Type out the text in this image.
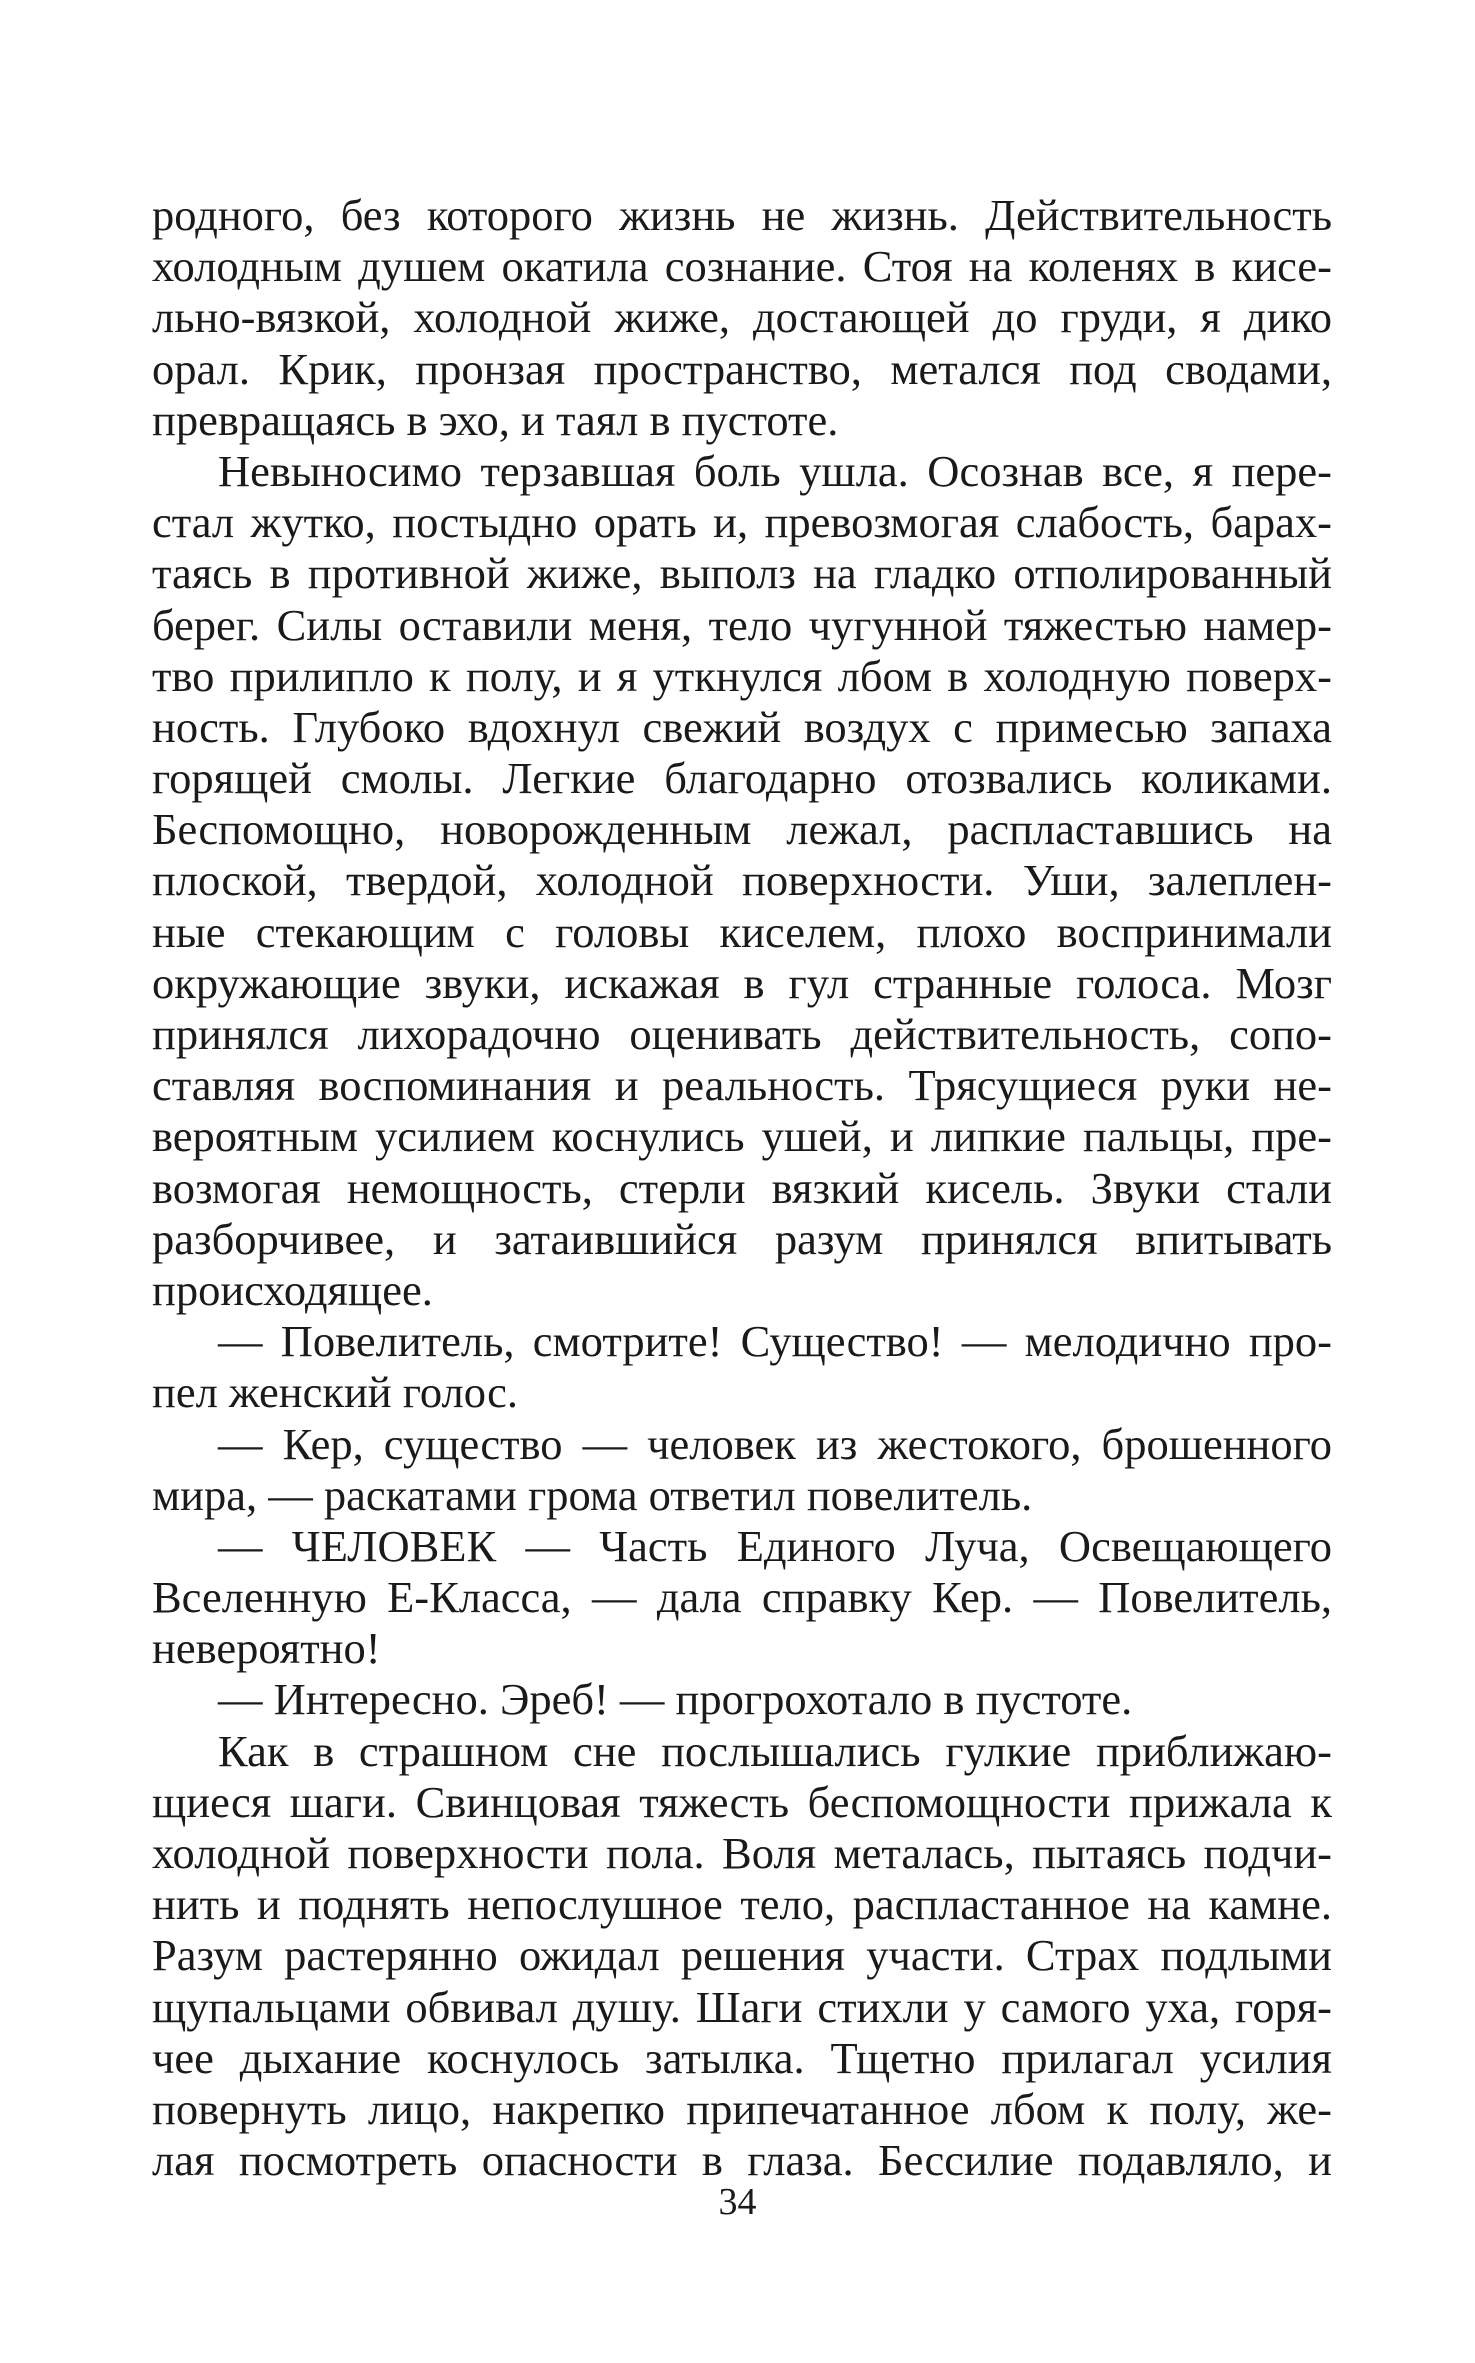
родного, без которого жизнь не жизнь. Действительность
холодным душем окатила сознание. Стоя на коленях в кисе-
льно-вязкой, холодной жиже, достающей до груди, я дико
орал. Крик, пронзая пространство, метался под сводами,
превращаясь в эхо, и таял в пустоте.
Невыносимо терзавшая боль ушла. Осознав все, я пере-
стал жутко, постыдно орать и, превозмогая слабость, барах-
таясь в противной жиже, выполз на гладко отполированный
берег. Силы оставили меня, тело чугунной тяжестью намер-
тво прилипло к полу, и я уткнулся лбом в холодную поверх-
ность. Глубоко вдохнул свежий воздух с примесью запаха
горящей смолы. Легкие благодарно отозвались коликами.
Беспомощно, новорожденным лежал, распластавшись на
плоской, твердой, холодной поверхности. Уши, залеплен-
ные стекающим с головы киселем, плохо воспринимали
окружающие звуки, искажая в гул странные голоса. Мозг
принялся лихорадочно оценивать действительность, сопо-
ставляя воспоминания и реальность. Трясущиеся руки не-
вероятным усилием коснулись ушей, и липкие пальцы, пре-
возмогая немощность, стерли вязкий кисель. Звуки стали
разборчивее, и затаившийся разум принялся впитывать
происходящее.
— Повелитель, смотрите! Существо! — мелодично про-
пел женский голос.
— Кер, существо — человек из жестокого, брошенного
мира, — раскатами грома ответил повелитель.
— ЧЕЛОВЕК — Часть Единого Луча, Освещающего
Вселенную Е-Класса, — дала справку Кер. — Повелитель,
невероятно!
— Интересно. Эреб! — прогрохотало в пустоте.
Как в страшном сне послышались гулкие приближаю-
щиеся шаги. Свинцовая тяжесть беспомощности прижала к
холодной поверхности пола. Воля металась, пытаясь подчи-
нить и поднять непослушное тело, распластанное на камне.
Разум растерянно ожидал решения участи. Страх подлыми
щупальцами обвивал душу. Шаги стихли у самого уха, горя-
чее дыхание коснулось затылка. Тщетно прилагал усилия
повернуть лицо, накрепко припечатанное лбом к полу, же-
лая посмотреть опасности в глаза. Бессилие подавляло, и
34
